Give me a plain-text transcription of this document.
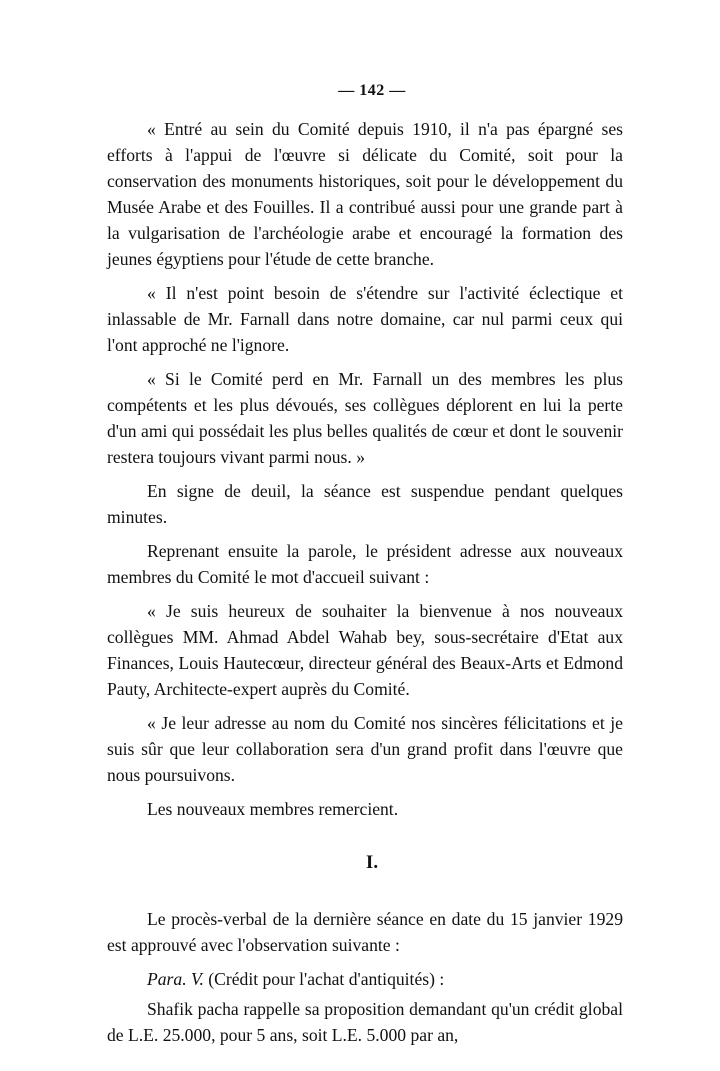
— 142 —

« Entré au sein du Comité depuis 1910, il n'a pas épargné ses efforts à l'appui de l'œuvre si délicate du Comité, soit pour la conservation des monuments historiques, soit pour le développement du Musée Arabe et des Fouilles. Il a contribué aussi pour une grande part à la vulgarisation de l'archéologie arabe et encouragé la formation des jeunes égyptiens pour l'étude de cette branche.

« Il n'est point besoin de s'étendre sur l'activité éclectique et inlassable de Mr. Farnall dans notre domaine, car nul parmi ceux qui l'ont approché ne l'ignore.

« Si le Comité perd en Mr. Farnall un des membres les plus compétents et les plus dévoués, ses collègues déplorent en lui la perte d'un ami qui possédait les plus belles qualités de cœur et dont le souvenir restera toujours vivant parmi nous. »

En signe de deuil, la séance est suspendue pendant quelques minutes.

Reprenant ensuite la parole, le président adresse aux nouveaux membres du Comité le mot d'accueil suivant :

« Je suis heureux de souhaiter la bienvenue à nos nouveaux collègues MM. Ahmad Abdel Wahab bey, sous-secrétaire d'Etat aux Finances, Louis Hautecœur, directeur général des Beaux-Arts et Edmond Pauty, Architecte-expert auprès du Comité.

« Je leur adresse au nom du Comité nos sincères félicitations et je suis sûr que leur collaboration sera d'un grand profit dans l'œuvre que nous poursuivons.

Les nouveaux membres remercient.

I.

Le procès-verbal de la dernière séance en date du 15 janvier 1929 est approuvé avec l'observation suivante :

Para. V. (Crédit pour l'achat d'antiquités) :

Shafik pacha rappelle sa proposition demandant qu'un crédit global de L.E. 25.000, pour 5 ans, soit L.E. 5.000 par an,
